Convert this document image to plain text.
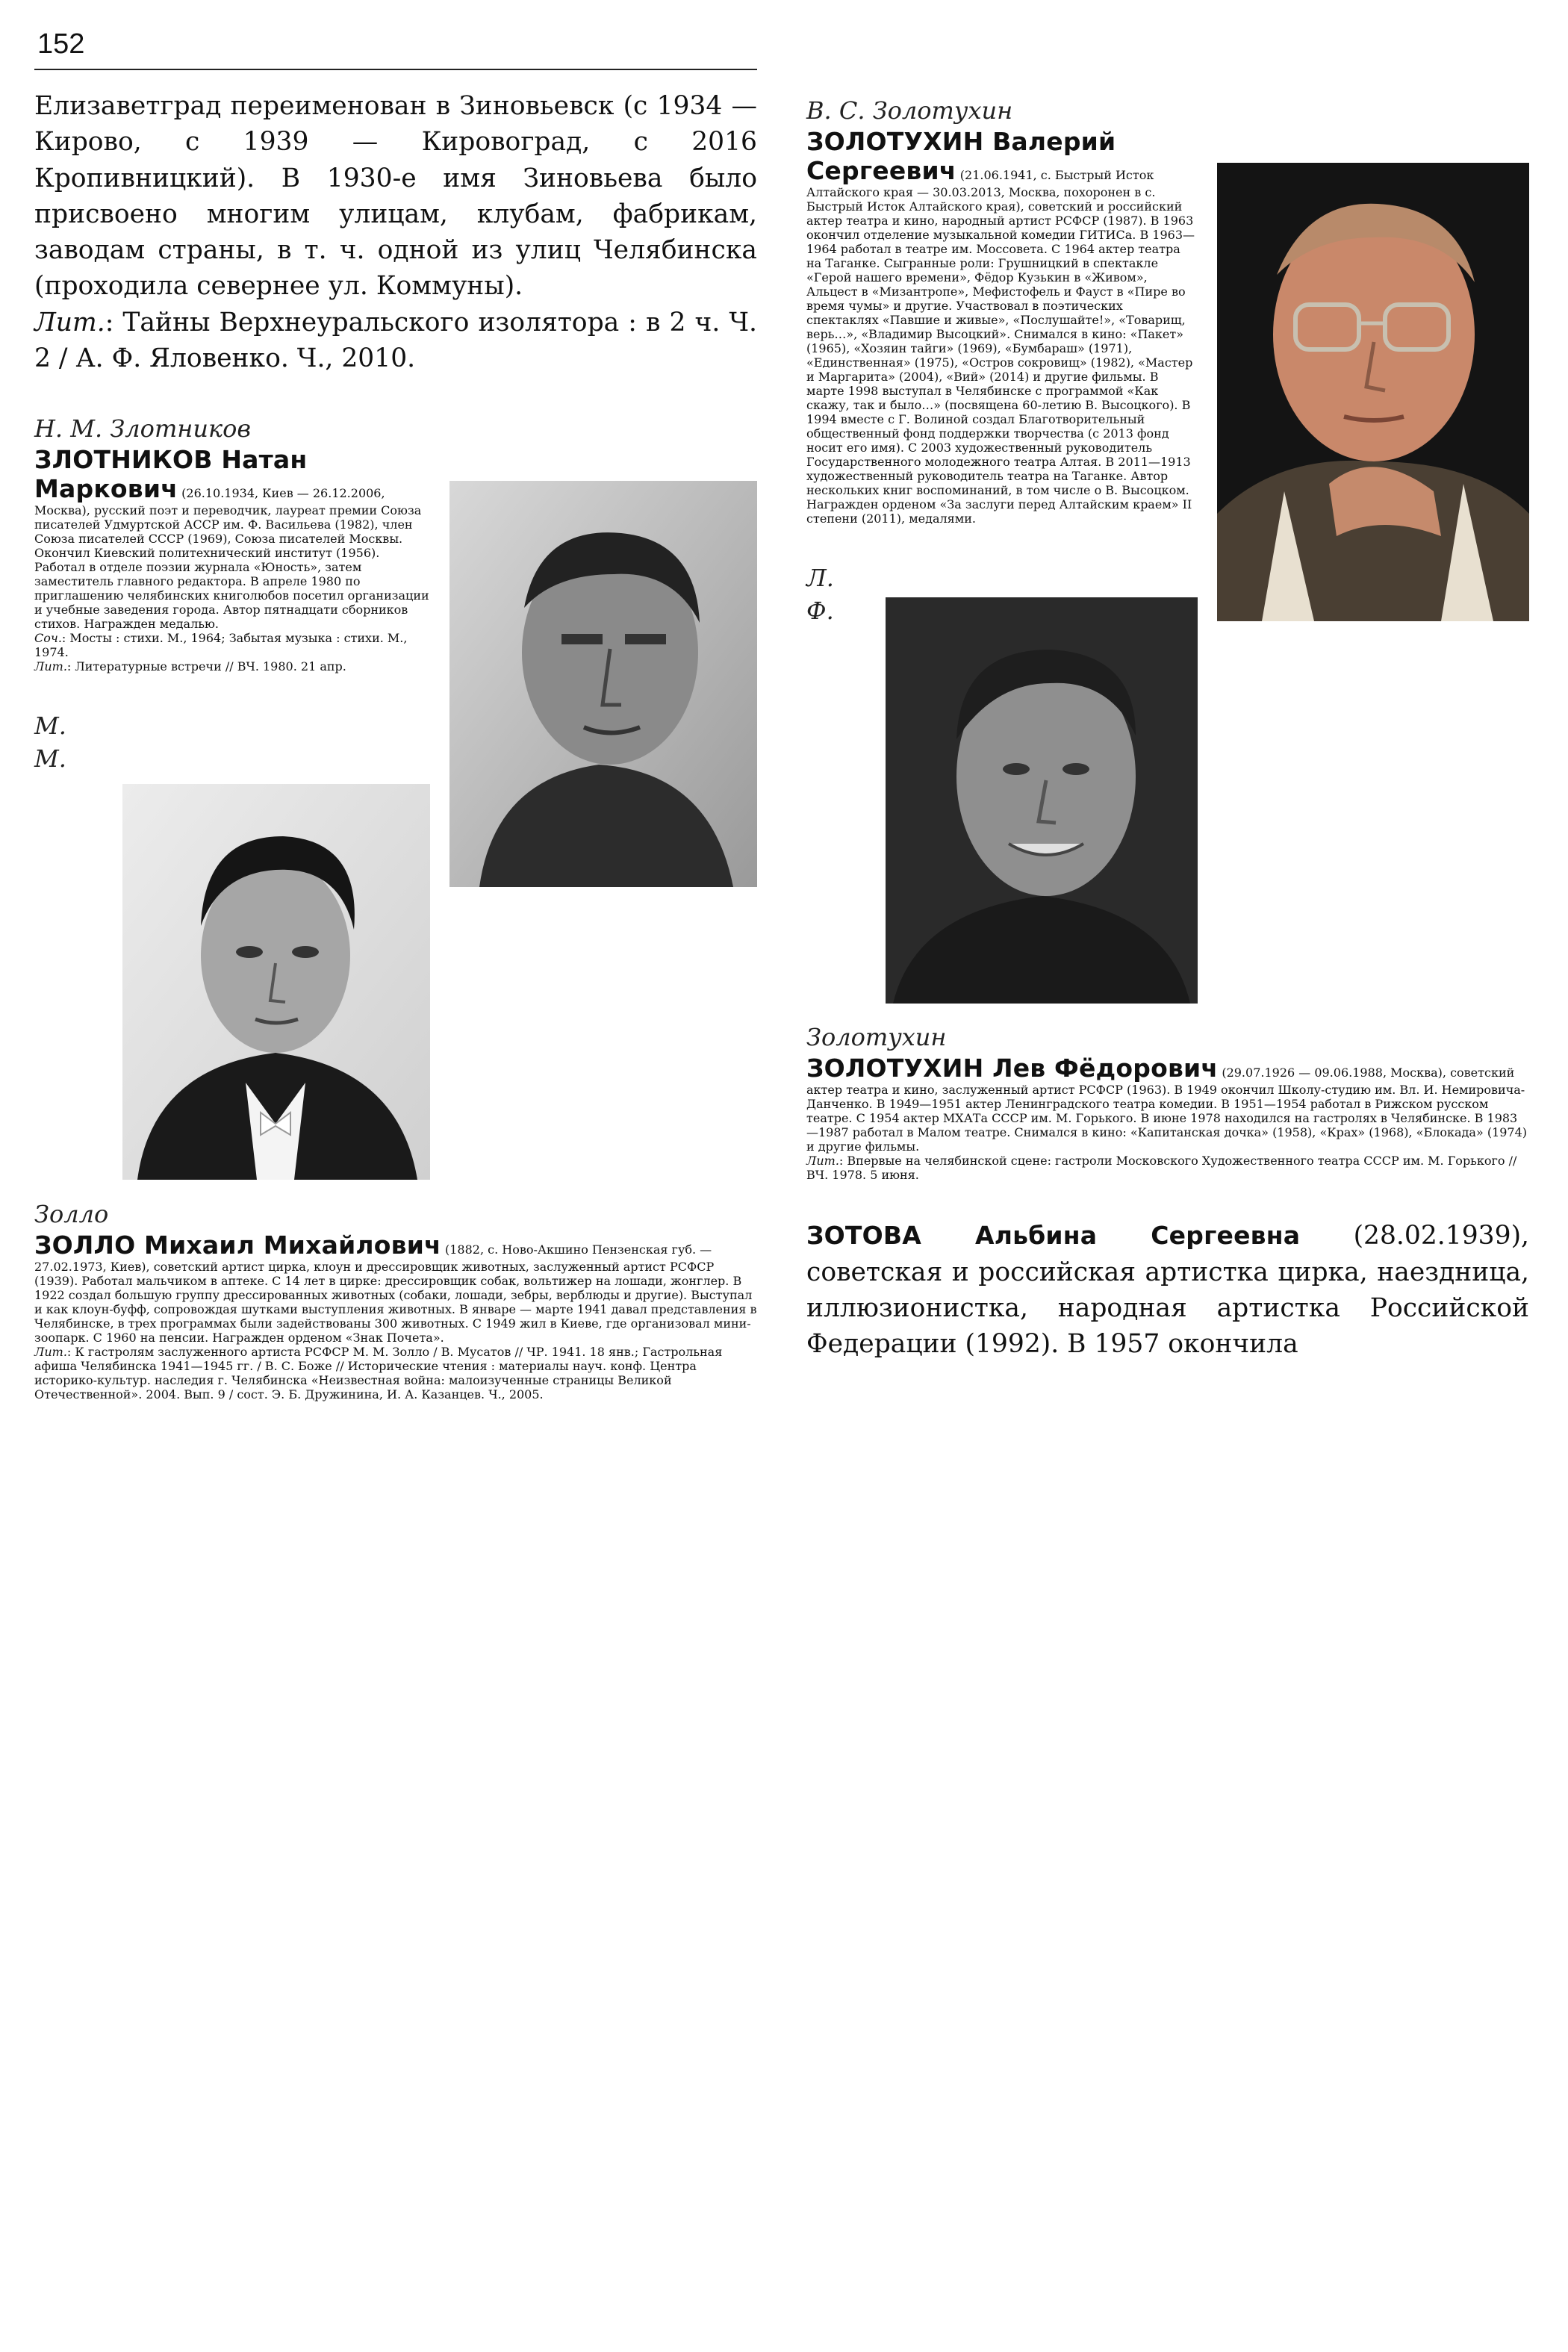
152

Елизаветград переименован в Зиновьевск (с 1934 — Кирово, с 1939 — Кировоград, с 2016 Кропивницкий). В 1930-е имя Зиновьева было присвоено многим улицам, клубам, фабрикам, заводам страны, в т. ч. одной из улиц Челябинска (проходила севернее ул. Коммуны).
Лит.: Тайны Верхнеуральского изолятора : в 2 ч. Ч. 2 / А. Ф. Яловенко. Ч., 2010.

Н. М. Злотников
ЗЛОТНИКОВ Натан Маркович (26.10.1934, Киев — 26.12.2006, Москва), русский поэт и переводчик, лауреат премии Союза писателей Удмуртской АССР им. Ф. Васильева (1982), член Союза писателей СССР (1969), Союза писателей Москвы. Окончил Киевский политехнический институт (1956). Работал в отделе поэзии журнала «Юность», затем заместитель главного редактора. В апреле 1980 по приглашению челябинских книголюбов посетил организации и учебные заведения города. Автор пятнадцати сборников стихов. Награжден медалью.
Соч.: Мосты : стихи. М., 1964; Забытая музыка : стихи. М., 1974.
Лит.: Литературные встречи // ВЧ. 1980. 21 апр.

М. М. Золло
ЗОЛЛО Михаил Михайлович (1882, с. Ново-Акшино Пензенская губ. — 27.02.1973, Киев), советский артист цирка, клоун и дрессировщик животных, заслуженный артист РСФСР (1939). Работал мальчиком в аптеке. С 14 лет в цирке: дрессировщик собак, вольтижер на лошади, жонглер. В 1922 создал большую группу дрессированных животных (собаки, лошади, зебры, верблюды и другие). Выступал и как клоун-буфф, сопровождая шутками выступления животных. В январе — марте 1941 давал представления в Челябинске, в трех программах были задействованы 300 животных. С 1949 жил в Киеве, где организовал мини-зоопарк. С 1960 на пенсии. Награжден орденом «Знак Почета».
Лит.: К гастролям заслуженного артиста РСФСР М. М. Золло / В. Мусатов // ЧР. 1941. 18 янв.; Гастрольная афиша Челябинска 1941—1945 гг. / В. С. Боже // Исторические чтения : материалы науч. конф. Центра историко-культур. наследия г. Челябинска «Неизвестная война: малоизученные страницы Великой Отечественной». 2004. Вып. 9 / сост. Э. Б. Дружинина, И. А. Казанцев. Ч., 2005.

В. С. Золотухин
ЗОЛОТУХИН Валерий Сергеевич (21.06.1941, с. Быстрый Исток Алтайского края — 30.03.2013, Москва, похоронен в с. Быстрый Исток Алтайского края), советский и российский актер театра и кино, народный артист РСФСР (1987). В 1963 окончил отделение музыкальной комедии ГИТИСа. В 1963—1964 работал в театре им. Моссовета. С 1964 актер театра на Таганке. Сыгранные роли: Грушницкий в спектакле «Герой нашего времени», Фёдор Кузькин в «Живом», Альцест в «Мизантропе», Мефистофель и Фауст в «Пире во время чумы» и другие. Участвовал в поэтических спектаклях «Павшие и живые», «Послушайте!», «Товарищ, верь…», «Владимир Высоцкий». Снимался в кино: «Пакет» (1965), «Хозяин тайги» (1969), «Бумбараш» (1971), «Единственная» (1975), «Остров сокровищ» (1982), «Мастер и Маргарита» (2004), «Вий» (2014) и другие фильмы. В марте 1998 выступал в Челябинске с программой «Как скажу, так и было…» (посвящена 60-летию В. Высоцкого). В 1994 вместе с Г. Волиной создал Благотворительный общественный фонд поддержки творчества (с 2013 фонд носит его имя). С 2003 художественный руководитель Государственного молодежного театра Алтая. В 2011—1913 художественный руководитель театра на Таганке. Автор нескольких книг воспоминаний, в том числе о В. Высоцком. Награжден орденом «За заслуги перед Алтайским краем» II степени (2011), медалями.

Л. Ф. Золотухин
ЗОЛОТУХИН Лев Фёдорович (29.07.1926 — 09.06.1988, Москва), советский актер театра и кино, заслуженный артист РСФСР (1963). В 1949 окончил Школу-студию им. Вл. И. Немировича-Данченко. В 1949—1951 актер Ленинградского театра комедии. В 1951—1954 работал в Рижском русском театре. С 1954 актер МХАТа СССР им. М. Горького. В июне 1978 находился на гастролях в Челябинске. В 1983—1987 работал в Малом театре. Снимался в кино: «Капитанская дочка» (1958), «Крах» (1968), «Блокада» (1974) и другие фильмы.
Лит.: Впервые на челябинской сцене: гастроли Московского Художественного театра СССР им. М. Горького // ВЧ. 1978. 5 июня.

ЗОТОВА Альбина Сергеевна (28.02.1939), советская и российская артистка цирка, наездница, иллюзионистка, народная артистка Российской Федерации (1992). В 1957 окончила
